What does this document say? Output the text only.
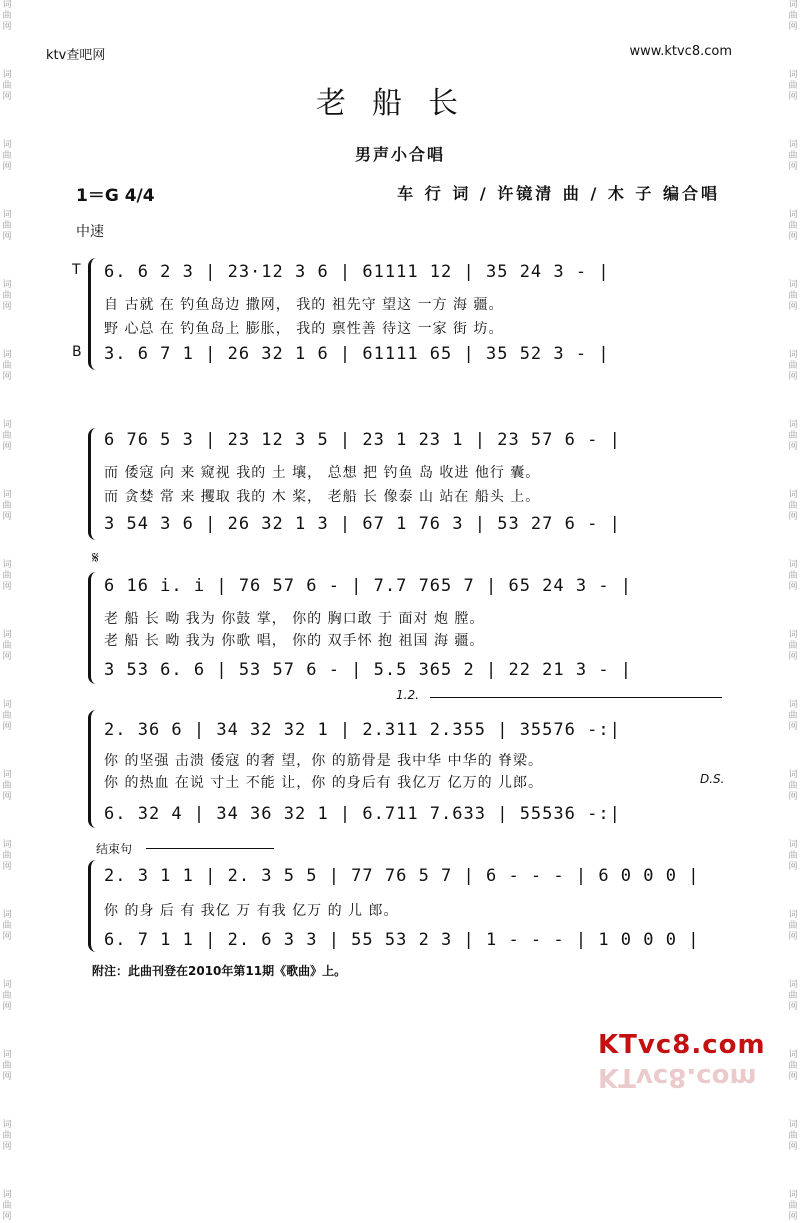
词曲网
词曲网
词曲网
词曲网
词曲网
词曲网
词曲网
词曲网
词曲网
词曲网
词曲网
词曲网
词曲网
词曲网
词曲网
词曲网
词曲网
词曲网
词曲网
词曲网
词曲网
词曲网
词曲网
词曲网
词曲网
词曲网
词曲网
词曲网
词曲网
词曲网
词曲网
词曲网
词曲网
词曲网
词曲网
词曲网
ktv查吧网	www.ktvc8.com
老船长
男声小合唱
1＝G 4/4	车 行 词 / 许镜清 曲 / 木 子 编合唱
中速
T
B
6. 6 2 3 | 23·12 3 6 | 61111 12 | 35 24 3 - |
自 古就 在 钓鱼岛边 撒网， 我的 祖先守 望这 一方 海 疆。
野 心总 在 钓鱼岛上 膨胀， 我的 禀性善 待这 一家 街 坊。
3. 6 7 1 | 26 32 1 6 | 61111 65 | 35 52 3 - |
6 76 5 3 | 23 12 3 5 | 23 1 23 1 | 23 57 6 - |
而 倭寇 向 来 窥视 我的 土 壤， 总想 把 钓鱼 岛 收进 他行 囊。
而 贪婪 常 来 攫取 我的 木 桨， 老船 长 像泰 山 站在 船头 上。
3 54 3 6 | 26 32 1 3 | 67 1 76 3 | 53 27 6 - |
𝄋
6 16 i. i | 76 57 6 - | 7.7 765 7 | 65 24 3 - |
老 船 长 呦 我为 你鼓 掌， 你的 胸口敢 于 面对 炮 膛。
老 船 长 呦 我为 你歌 唱， 你的 双手怀 抱 祖国 海 疆。
3 53 6. 6 | 53 57 6 - | 5.5 365 2 | 22 21 3 - |
1.2.
2. 36 6 | 34 32 32 1 | 2.311 2.355 | 35576 -:|
你 的坚强 击溃 倭寇 的奢 望，你 的筋骨是 我中华 中华的 脊梁。
你 的热血 在说 寸土 不能 让，你 的身后有 我亿万 亿万的 儿郎。	D.S.
6. 32 4 | 34 36 32 1 | 6.711 7.633 | 55536 -:|
结束句
2. 3 1 1 | 2. 3 5 5 | 77 76 5 7 | 6 - - - | 6 0 0 0 |
你 的身 后 有 我亿 万 有我 亿万 的 儿 郎。
6. 7 1 1 | 2. 6 3 3 | 55 53 2 3 | 1 - - - | 1 0 0 0 |
附注：此曲刊登在2010年第11期《歌曲》上。
KTvc8.com
KTvc8.com
